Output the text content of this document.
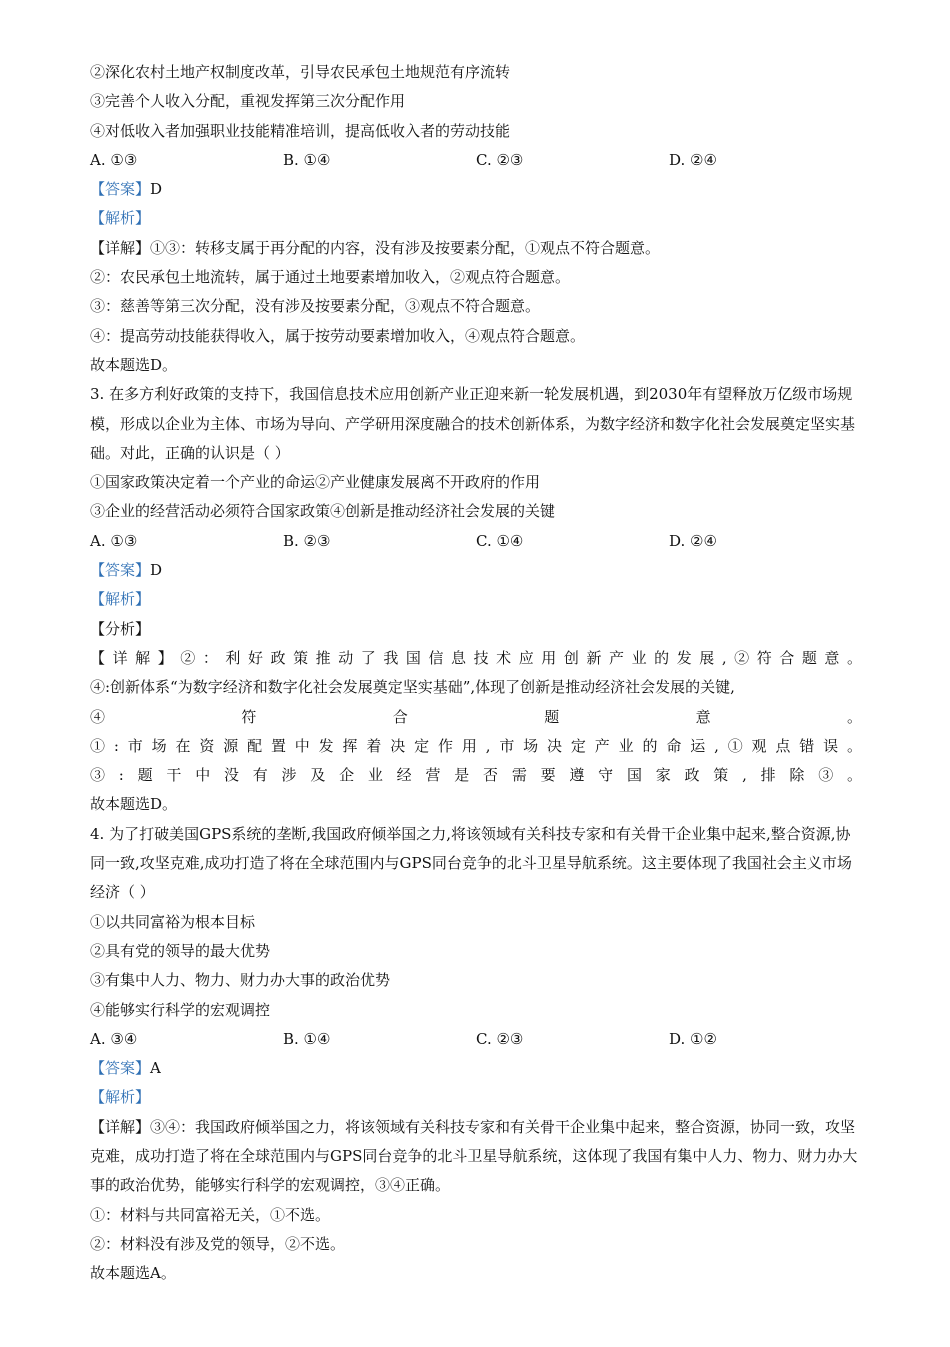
②深化农村土地产权制度改革，引导农民承包土地规范有序流转
③完善个人收入分配，重视发挥第三次分配作用
④对低收入者加强职业技能精准培训，提高低收入者的劳动技能
A. ①③	B. ①④	C. ②③	D. ②④
【答案】D
【解析】
【详解】①③：转移支属于再分配的内容，没有涉及按要素分配，①观点不符合题意。
②：农民承包土地流转，属于通过土地要素增加收入，②观点符合题意。
③：慈善等第三次分配，没有涉及按要素分配，③观点不符合题意。
④：提高劳动技能获得收入，属于按劳动要素增加收入，④观点符合题意。
故本题选D。
3. 在多方利好政策的支持下，我国信息技术应用创新产业正迎来新一轮发展机遇，到2030年有望释放万亿级市场规模，形成以企业为主体、市场为导向、产学研用深度融合的技术创新体系，为数字经济和数字化社会发展奠定坚实基础。对此，正确的认识是（ ）
①国家政策决定着一个产业的命运②产业健康发展离不开政府的作用
③企业的经营活动必须符合国家政策④创新是推动经济社会发展的关键
A. ①③	B. ②③	C. ①④	D. ②④
【答案】D
【解析】
【分析】
【详解】②：利好政策推动了我国信息技术应用创新产业的发展,②符合题意。
④:创新体系“为数字经济和数字化社会发展奠定坚实基础”,体现了创新是推动经济社会发展的关键,
④符合题意。
①:市场在资源配置中发挥着决定作用,市场决定产业的命运,①观点错误。
③:题干中没有涉及企业经营是否需要遵守国家政策,排除③。
故本题选D。
4. 为了打破美国GPS系统的垄断,我国政府倾举国之力,将该领域有关科技专家和有关骨干企业集中起来,整合资源,协同一致,攻坚克难,成功打造了将在全球范围内与GPS同台竞争的北斗卫星导航系统。这主要体现了我国社会主义市场经济（ ）
①以共同富裕为根本目标
②具有党的领导的最大优势
③有集中人力、物力、财力办大事的政治优势
④能够实行科学的宏观调控
A. ③④	B. ①④	C. ②③	D. ①②
【答案】A
【解析】
【详解】③④：我国政府倾举国之力，将该领域有关科技专家和有关骨干企业集中起来，整合资源，协同一致，攻坚克难，成功打造了将在全球范围内与GPS同台竞争的北斗卫星导航系统，这体现了我国有集中人力、物力、财力办大事的政治优势，能够实行科学的宏观调控，③④正确。
①：材料与共同富裕无关，①不选。
②：材料没有涉及党的领导，②不选。
故本题选A。
